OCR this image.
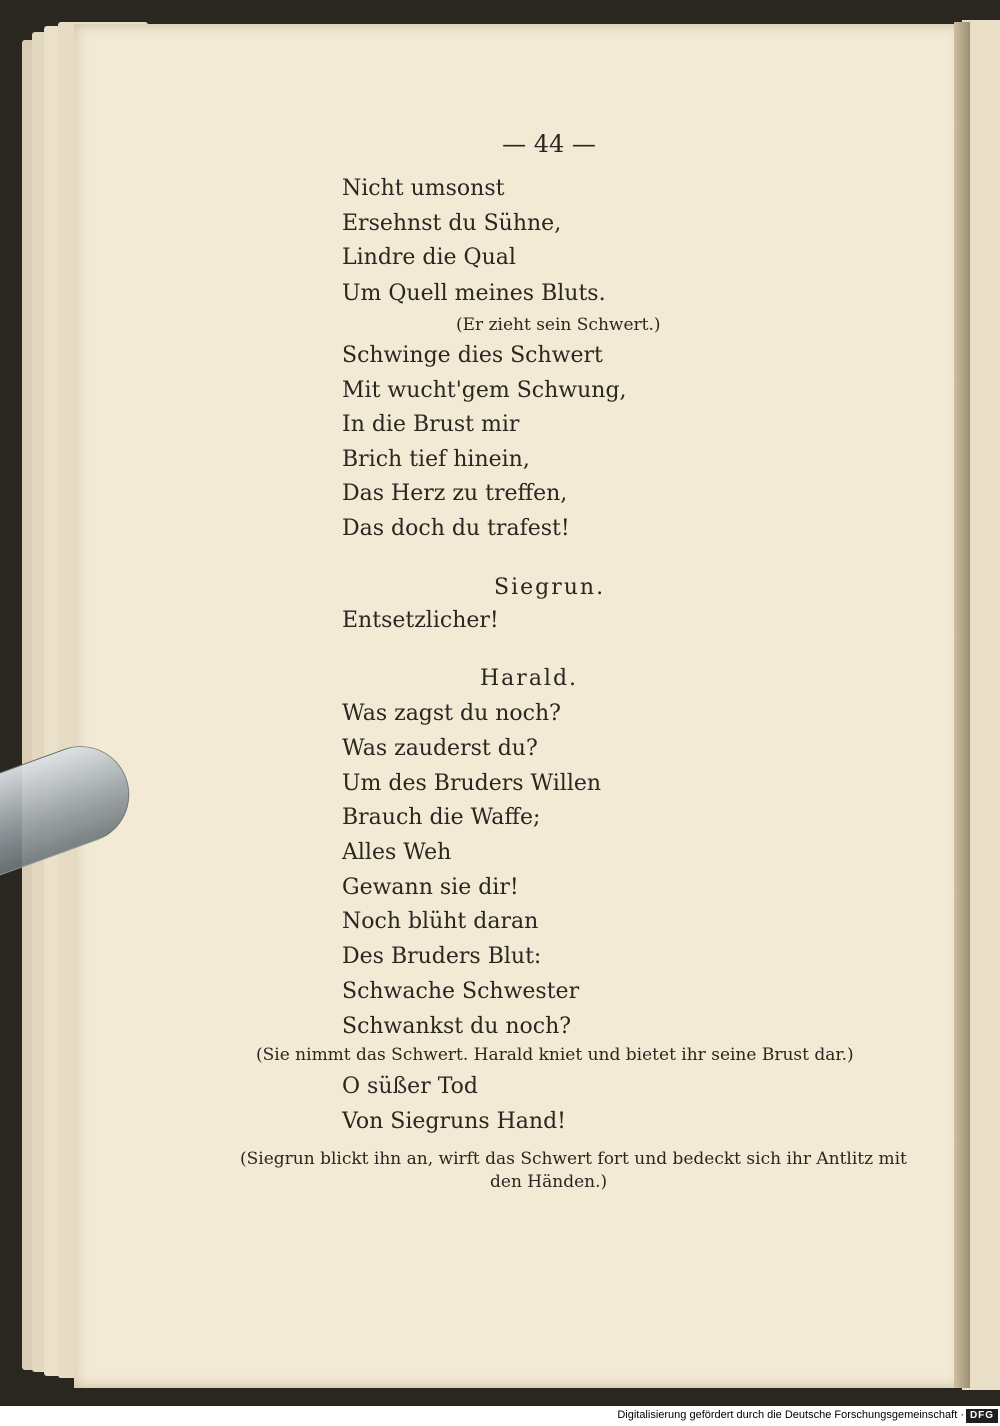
— 44 —
Nicht umsonst
Ersehnst du Sühne,
Lindre die Qual
Um Quell meines Bluts.
(Er zieht sein Schwert.)
Schwinge dies Schwert
Mit wucht'gem Schwung,
In die Brust mir
Brich tief hinein,
Das Herz zu treffen,
Das doch du trafest!
Siegrun.
Entsetzlicher!
Harald.
Was zagst du noch?
Was zauderst du?
Um des Bruders Willen
Brauch die Waffe;
Alles Weh
Gewann sie dir!
Noch blüht daran
Des Bruders Blut:
Schwache Schwester
Schwankst du noch?
(Sie nimmt das Schwert. Harald kniet und bietet ihr seine Brust dar.)
O süßer Tod
Von Siegruns Hand!
(Siegrun blickt ihn an, wirft das Schwert fort und bedeckt sich ihr Antlitz mit
den Händen.)
Digitalisierung gefördert durch die Deutsche Forschungsgemeinschaft · DFG
